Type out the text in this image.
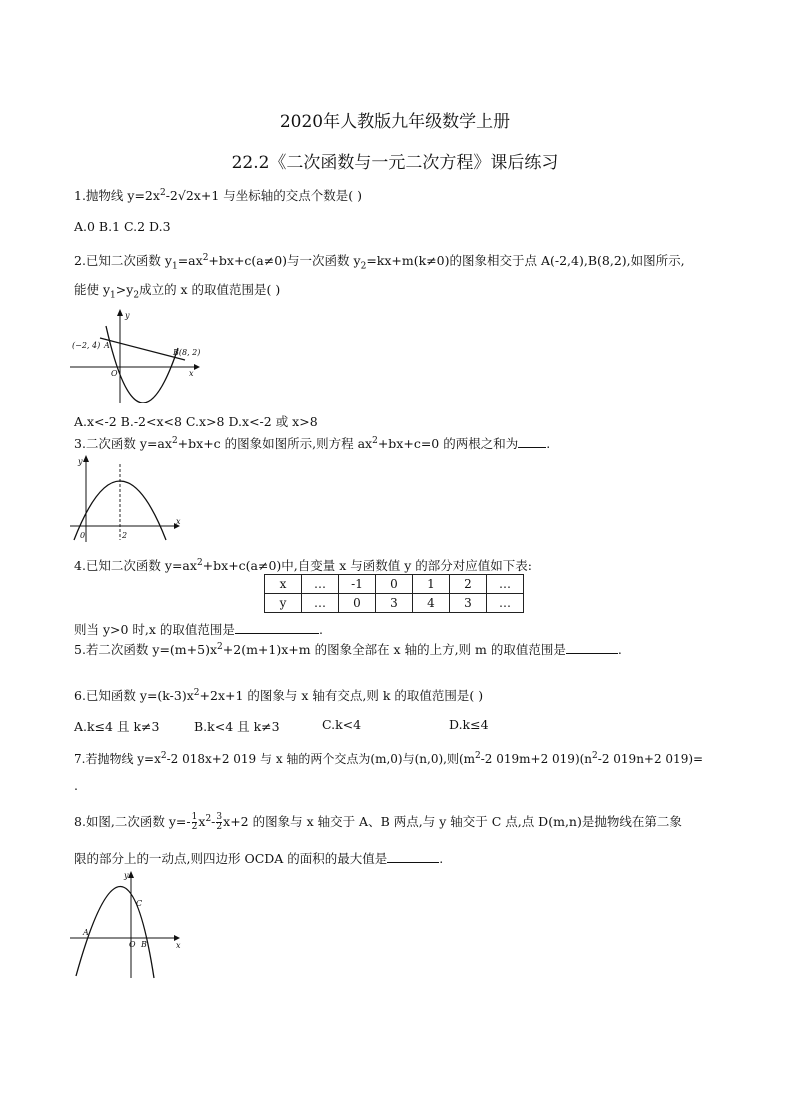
2020年人教版九年级数学上册
22.2《二次函数与一元二次方程》课后练习
1.抛物线 $y=2x^2-2√2x+1$ 与坐标轴的交点个数是( )
A.0 B.1 C.2 D.3
2.已知二次函数 $y_1=ax^2+bx+c(a\ne 0)$与一次函数 $y_2=kx+m(k\ne 0)$的图象相交于点 A(-2,4),B(8,2),如图所示,
能使 $y_1>y_2$成立的 x 的取值范围是( )
(−2, 4) A
B(8, 2)
O	x
y
A.x<-2 B.-2<x<8 C.x>8 D.x<-2 或 x>8
3.二次函数 $y=ax^2+bx+c$ 的图象如图所示,则方程 $ax^2+bx+c=0$ 的两根之和为 .
0	2
x
y
4.已知二次函数 $y=ax^2+bx+c(a\ne 0)$中,自变量 x 与函数值 y 的部分对应值如下表:
x	…	-1	0	1	2	…
y	…	0	3	4	3	…
则当 y>0 时,x 的取值范围是	.
5.若二次函数 $y=(m+5)x^2+2(m+1)x+m$ 的图象全部在 x 轴的上方,则 m 的取值范围是	.
6.已知函数 $y=(k-3)x^2+2x+1$ 的图象与 x 轴有交点,则 k 的取值范围是( )
A.k≤4 且 k≠3	B.k<4 且 k≠3	C.k<4	D.k≤4
7.若抛物线 $y=x^2-2$ 018x+2 019 与 x 轴的两个交点为(m,0)与(n,0),则($m^2-2$ 019m+2 $019)(n^2-2$ 019n+2 019)=
.
8.如图,二次函数 $y=- \frac{1}{2} x^2- \frac{3}{2} x+2$ 的图象与 x 轴交于 A、B 两点,与 y 轴交于 C 点,点 D(m,n)是抛物线在第二象
限的部分上的一动点,则四边形 OCDA 的面积的最大值是	.
A
B
C
O	x
y
